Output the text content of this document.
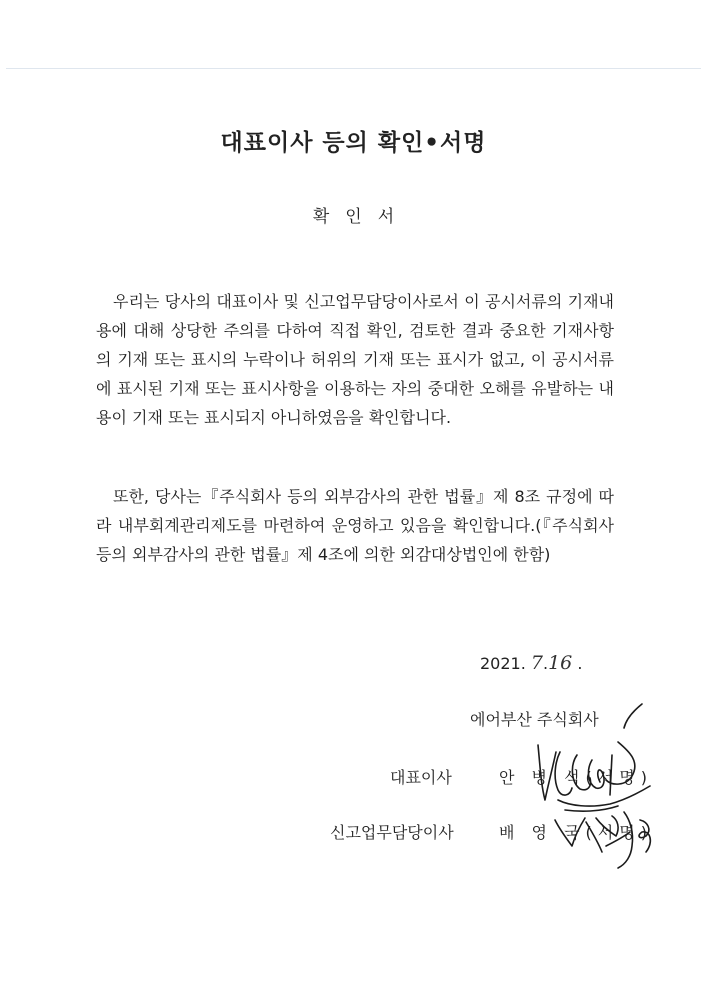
대표이사 등의 확인•서명
확인서

우리는 당사의 대표이사 및 신고업무담당이사로서 이 공시서류의 기재내용에 대해 상당한 주의를 다하여 직접 확인, 검토한 결과 중요한 기재사항의 기재 또는 표시의 누락이나 허위의 기재 또는 표시가 없고, 이 공시서류에 표시된 기재 또는 표시사항을 이용하는 자의 중대한 오해를 유발하는 내용이 기재 또는 표시되지 아니하였음을 확인합니다.

또한, 당사는『주식회사 등의 외부감사의 관한 법률』제 8조 규정에 따라 내부회계관리제도를 마련하여 운영하고 있음을 확인합니다.(『주식회사 등의 외부감사의 관한 법률』제 4조에 의한 외감대상법인에 한함)

2021. 7.16 .
에어부산 주식회사
대표이사	안 병 석(서명)
신고업무담당이사	배 영 국(서명)
